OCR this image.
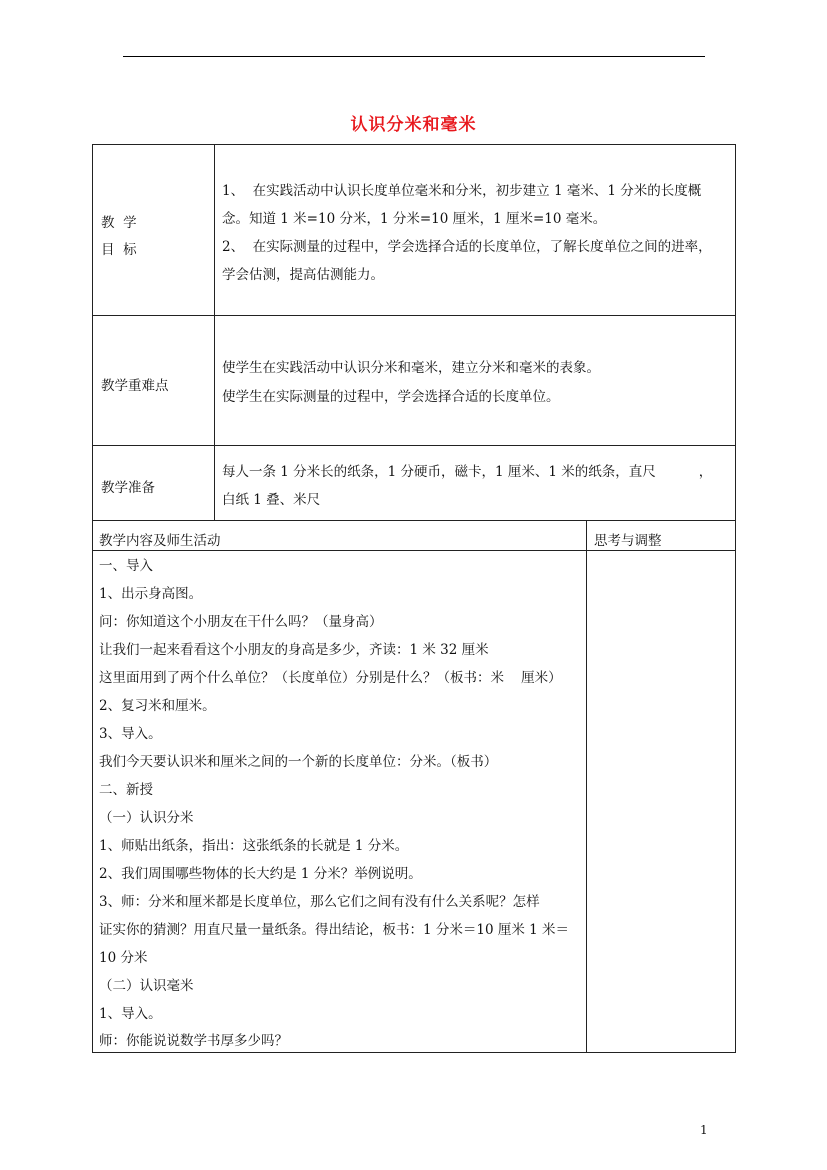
认识分米和毫米
教  学
目  标
1、  在实践活动中认识长度单位毫米和分米，初步建立 1 毫米、1 分米的长度概
念。知道 1 米=10 分米，1 分米=10 厘米，1 厘米=10 毫米。
2、  在实际测量的过程中，学会选择合适的长度单位，了解长度单位之间的进率，
学会估测，提高估测能力。
教学重难点
使学生在实践活动中认识分米和毫米，建立分米和毫米的表象。
使学生在实际测量的过程中，学会选择合适的长度单位。
教学准备
每人一条 1 分米长的纸条，1 分硬币，磁卡，1 厘米、1 米的纸条，直尺          ，
白纸 1 叠、米尺
教学内容及师生活动	思考与调整
一、导入
1、出示身高图。
问：你知道这个小朋友在干什么吗？（量身高）
让我们一起来看看这个小朋友的身高是多少，齐读：1 米 32 厘米
这里面用到了两个什么单位？（长度单位）分别是什么？（板书：米    厘米）
2、复习米和厘米。
3、导入。
我们今天要认识米和厘米之间的一个新的长度单位：分米。（板书）
二、新授
（一）认识分米
1、师贴出纸条，指出：这张纸条的长就是 1 分米。
2、我们周围哪些物体的长大约是 1 分米？举例说明。
3、师：分米和厘米都是长度单位，那么它们之间有没有什么关系呢？怎样
证实你的猜测？用直尺量一量纸条。得出结论，板书：1 分米＝10 厘米 1 米＝
10 分米
（二）认识毫米
1、导入。
师：你能说说数学书厚多少吗？
1
